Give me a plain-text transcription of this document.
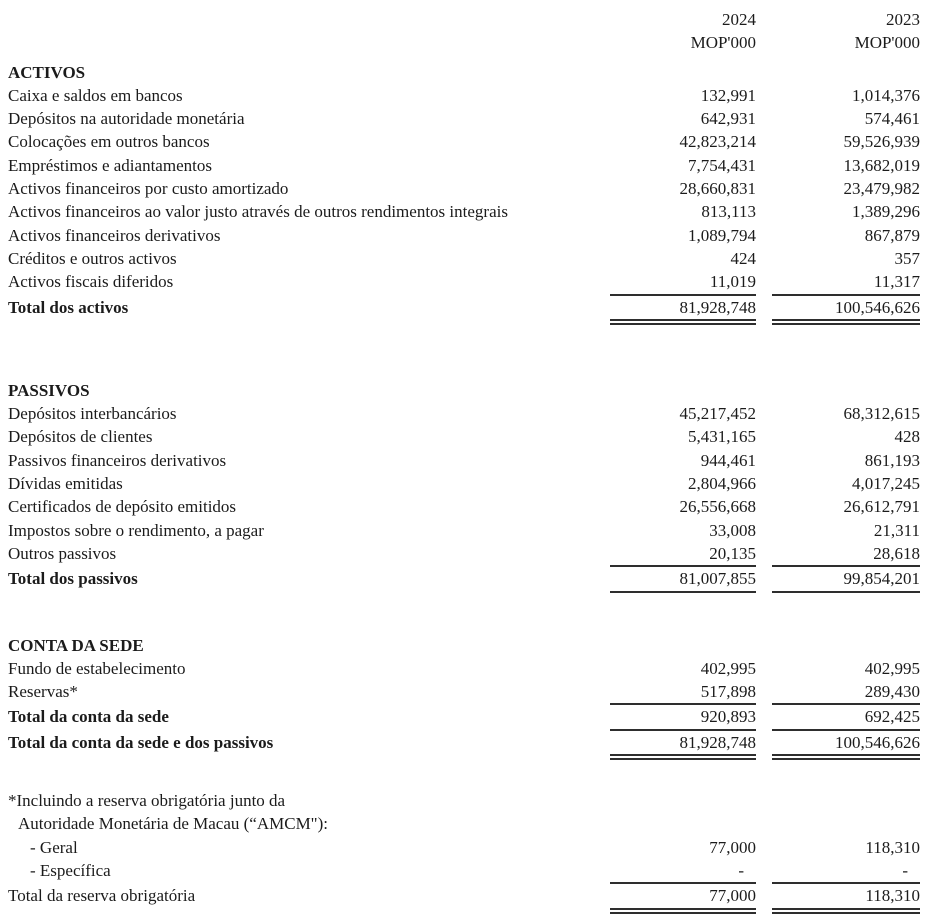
2024	2023
MOP'000	MOP'000
ACTIVOS
Caixa e saldos em bancos	132,991	1,014,376
Depósitos na autoridade monetária	642,931	574,461
Colocações em outros bancos	42,823,214	59,526,939
Empréstimos e adiantamentos	7,754,431	13,682,019
Activos financeiros por custo amortizado	28,660,831	23,479,982
Activos financeiros ao valor justo através de outros rendimentos integrais	813,113	1,389,296
Activos financeiros derivativos	1,089,794	867,879
Créditos e outros activos	424	357
Activos fiscais diferidos	11,019	11,317
Total dos activos	81,928,748	100,546,626
PASSIVOS
Depósitos interbancários	45,217,452	68,312,615
Depósitos de clientes	5,431,165	428
Passivos financeiros derivativos	944,461	861,193
Dívidas emitidas	2,804,966	4,017,245
Certificados de depósito emitidos	26,556,668	26,612,791
Impostos sobre o rendimento, a pagar	33,008	21,311
Outros passivos	20,135	28,618
Total dos passivos	81,007,855	99,854,201
CONTA DA SEDE
Fundo de estabelecimento	402,995	402,995
Reservas*	517,898	289,430
Total da conta da sede	920,893	692,425
Total da conta da sede e dos passivos	81,928,748	100,546,626
*Incluindo a reserva obrigatória junto da
Autoridade Monetária de Macau (“AMCM"):
- Geral	77,000	118,310
- Específica	-	-
Total da reserva obrigatória	77,000	118,310
